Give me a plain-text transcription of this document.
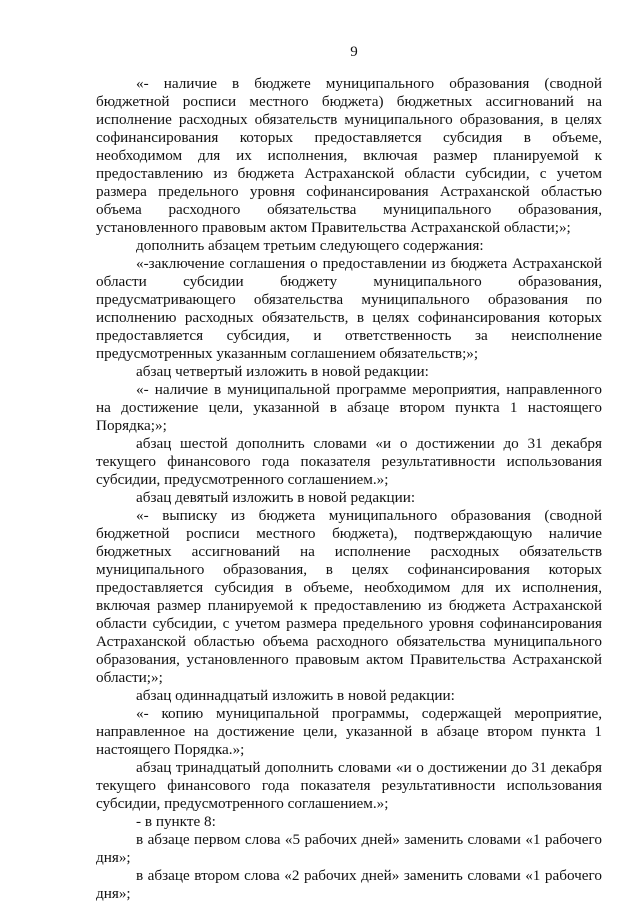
9

«- наличие в бюджете муниципального образования (сводной бюджетной росписи местного бюджета) бюджетных ассигнований на исполнение расходных обязательств муниципального образования, в целях софинансирования которых предоставляется субсидия в объеме, необходимом для их исполнения, включая размер планируемой к предоставлению из бюджета Астраханской области субсидии, с учетом размера предельного уровня софинансирования Астраханской областью объема расходного обязательства муниципального образования, установленного правовым актом Правительства Астраханской области;»;

дополнить абзацем третьим следующего содержания:

«-заключение соглашения о предоставлении из бюджета Астраханской области субсидии бюджету муниципального образования, предусматривающего обязательства муниципального образования по исполнению расходных обязательств, в целях софинансирования которых предоставляется субсидия, и ответственность за неисполнение предусмотренных указанным соглашением обязательств;»;

абзац четвертый изложить в новой редакции:

«- наличие в муниципальной программе мероприятия, направленного на достижение цели, указанной в абзаце втором пункта 1 настоящего Порядка;»;

абзац шестой дополнить словами «и о достижении до 31 декабря текущего финансового года показателя результативности использования субсидии, предусмотренного соглашением.»;

абзац девятый изложить в новой редакции:

«- выписку из бюджета муниципального образования (сводной бюджетной росписи местного бюджета), подтверждающую наличие бюджетных ассигнований на исполнение расходных обязательств муниципального образования, в целях софинансирования которых предоставляется субсидия в объеме, необходимом для их исполнения, включая размер планируемой к предоставлению из бюджета Астраханской области субсидии, с учетом размера предельного уровня софинансирования Астраханской областью объема расходного обязательства муниципального образования, установленного правовым актом Правительства Астраханской области;»;

абзац одиннадцатый изложить в новой редакции:

«- копию муниципальной программы, содержащей мероприятие, направленное на достижение цели, указанной в абзаце втором пункта 1 настоящего Порядка.»;

абзац тринадцатый дополнить словами «и о достижении до 31 декабря текущего финансового года показателя результативности использования субсидии, предусмотренного соглашением.»;

- в пункте 8:

в абзаце первом слова «5 рабочих дней» заменить словами «1 рабочего дня»;

в абзаце втором слова «2 рабочих дней» заменить словами «1 рабочего дня»;
